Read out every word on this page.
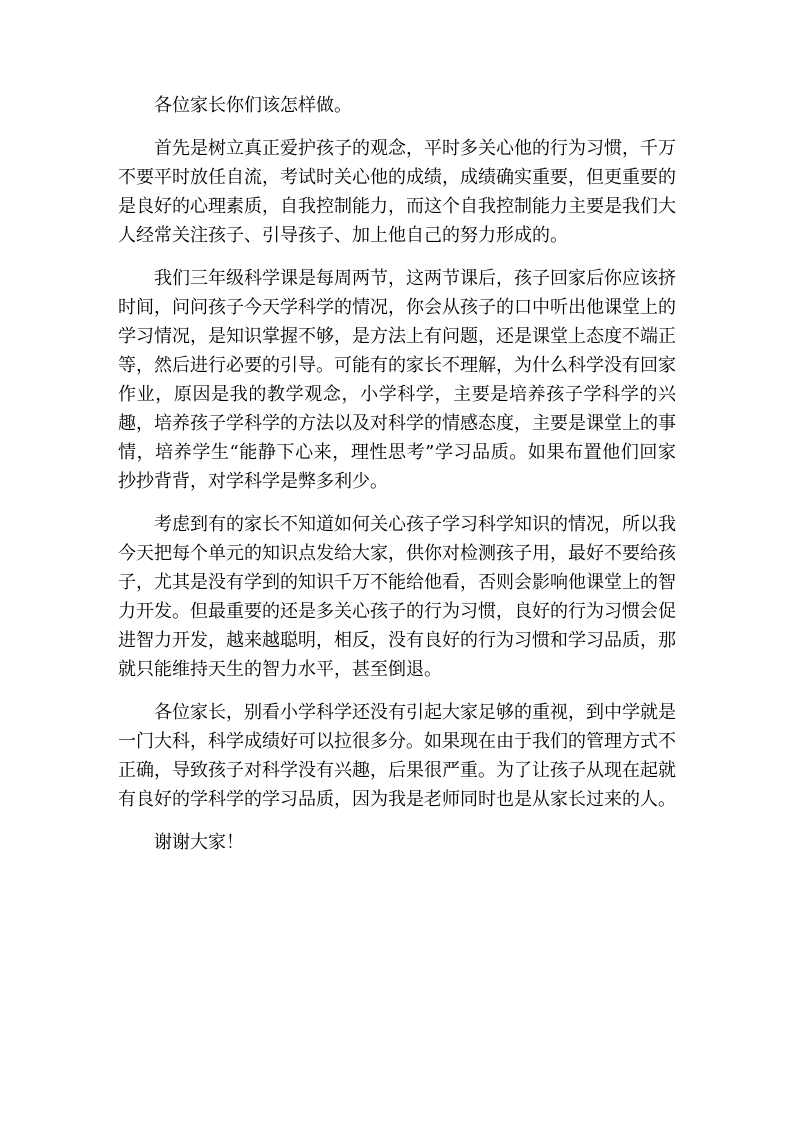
各位家长你们该怎样做。

首先是树立真正爱护孩子的观念，平时多关心他的行为习惯，千万不要平时放任自流，考试时关心他的成绩，成绩确实重要，但更重要的是良好的心理素质，自我控制能力，而这个自我控制能力主要是我们大人经常关注孩子、引导孩子、加上他自己的努力形成的。

我们三年级科学课是每周两节，这两节课后，孩子回家后你应该挤时间，问问孩子今天学科学的情况，你会从孩子的口中听出他课堂上的学习情况，是知识掌握不够，是方法上有问题，还是课堂上态度不端正等，然后进行必要的引导。可能有的家长不理解，为什么科学没有回家作业，原因是我的教学观念，小学科学，主要是培养孩子学科学的兴趣，培养孩子学科学的方法以及对科学的情感态度，主要是课堂上的事情，培养学生“能静下心来，理性思考”学习品质。如果布置他们回家抄抄背背，对学科学是弊多利少。

考虑到有的家长不知道如何关心孩子学习科学知识的情况，所以我今天把每个单元的知识点发给大家，供你对检测孩子用，最好不要给孩子，尤其是没有学到的知识千万不能给他看，否则会影响他课堂上的智力开发。但最重要的还是多关心孩子的行为习惯，良好的行为习惯会促进智力开发，越来越聪明，相反，没有良好的行为习惯和学习品质，那就只能维持天生的智力水平，甚至倒退。

各位家长，别看小学科学还没有引起大家足够的重视，到中学就是一门大科，科学成绩好可以拉很多分。如果现在由于我们的管理方式不正确，导致孩子对科学没有兴趣，后果很严重。为了让孩子从现在起就有良好的学科学的学习品质，因为我是老师同时也是从家长过来的人。

谢谢大家！
